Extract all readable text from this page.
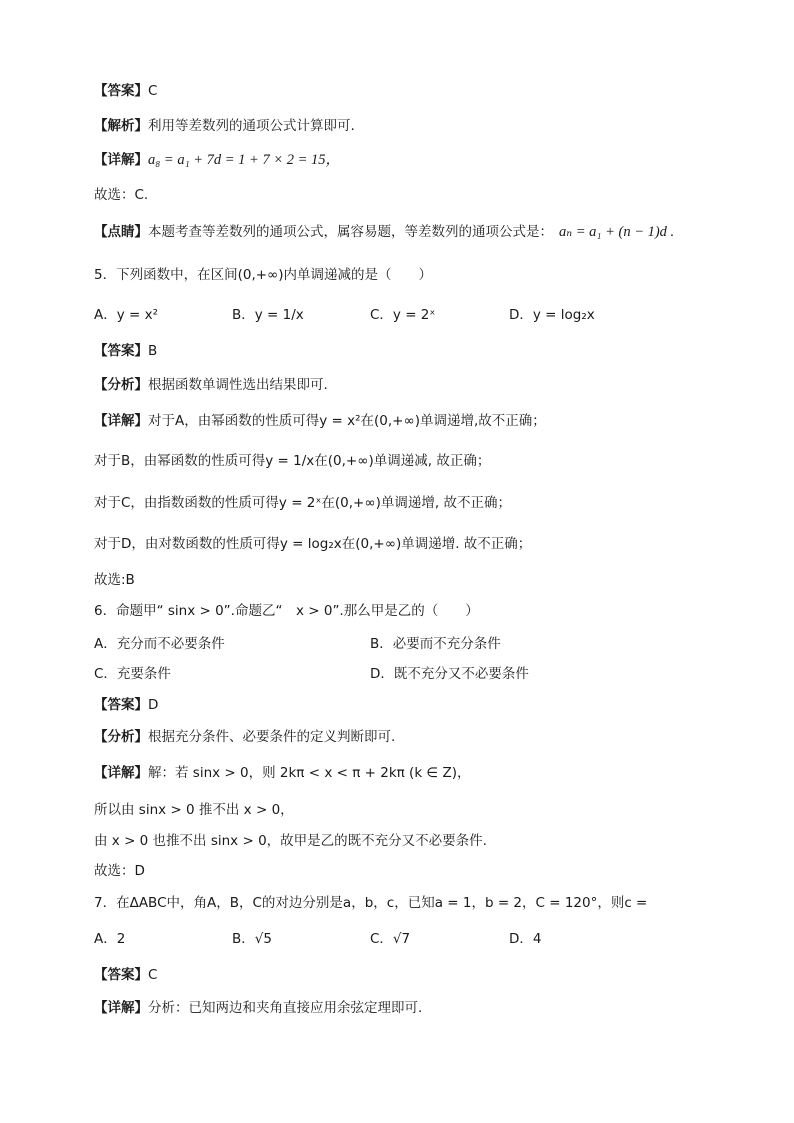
【答案】C
【解析】利用等差数列的通项公式计算即可.
【详解】a₈ = a₁ + 7d = 1 + 7 × 2 = 15，
故选：C.
【点睛】本题考查等差数列的通项公式，属容易题，等差数列的通项公式是： aₙ = a₁ + (n − 1)d .
5．下列函数中，在区间(0,+∞)内单调递减的是（　　）
A．y = x²	B．y = 1/x	C．y = 2ˣ	D．y = log₂x
【答案】B
【分析】根据函数单调性选出结果即可.
【详解】对于A，由幂函数的性质可得y = x²在(0,+∞)单调递增,故不正确；
对于B，由幂函数的性质可得y = 1/x在(0,+∞)单调递减, 故正确；
对于C，由指数函数的性质可得y = 2ˣ在(0,+∞)单调递增, 故不正确；
对于D，由对数函数的性质可得y = log₂x在(0,+∞)单调递增. 故不正确；
故选:B
6．命题甲“ sinx > 0”.命题乙“　x > 0”.那么甲是乙的（　　）
A．充分而不必要条件	B．必要而不充分条件
C．充要条件	D．既不充分又不必要条件
【答案】D
【分析】根据充分条件、必要条件的定义判断即可.
【详解】解：若 sinx > 0，则 2kπ < x < π + 2kπ (k ∈ Z)，
所以由 sinx > 0 推不出 x > 0，
由 x > 0 也推不出 sinx > 0，故甲是乙的既不充分又不必要条件.
故选：D
7．在ΔABC中，角A，B，C的对边分别是a，b，c，已知a = 1，b = 2，C = 120°，则c =
A．2	B．√5	C．√7	D．4
【答案】C
【详解】分析：已知两边和夹角直接应用余弦定理即可.
